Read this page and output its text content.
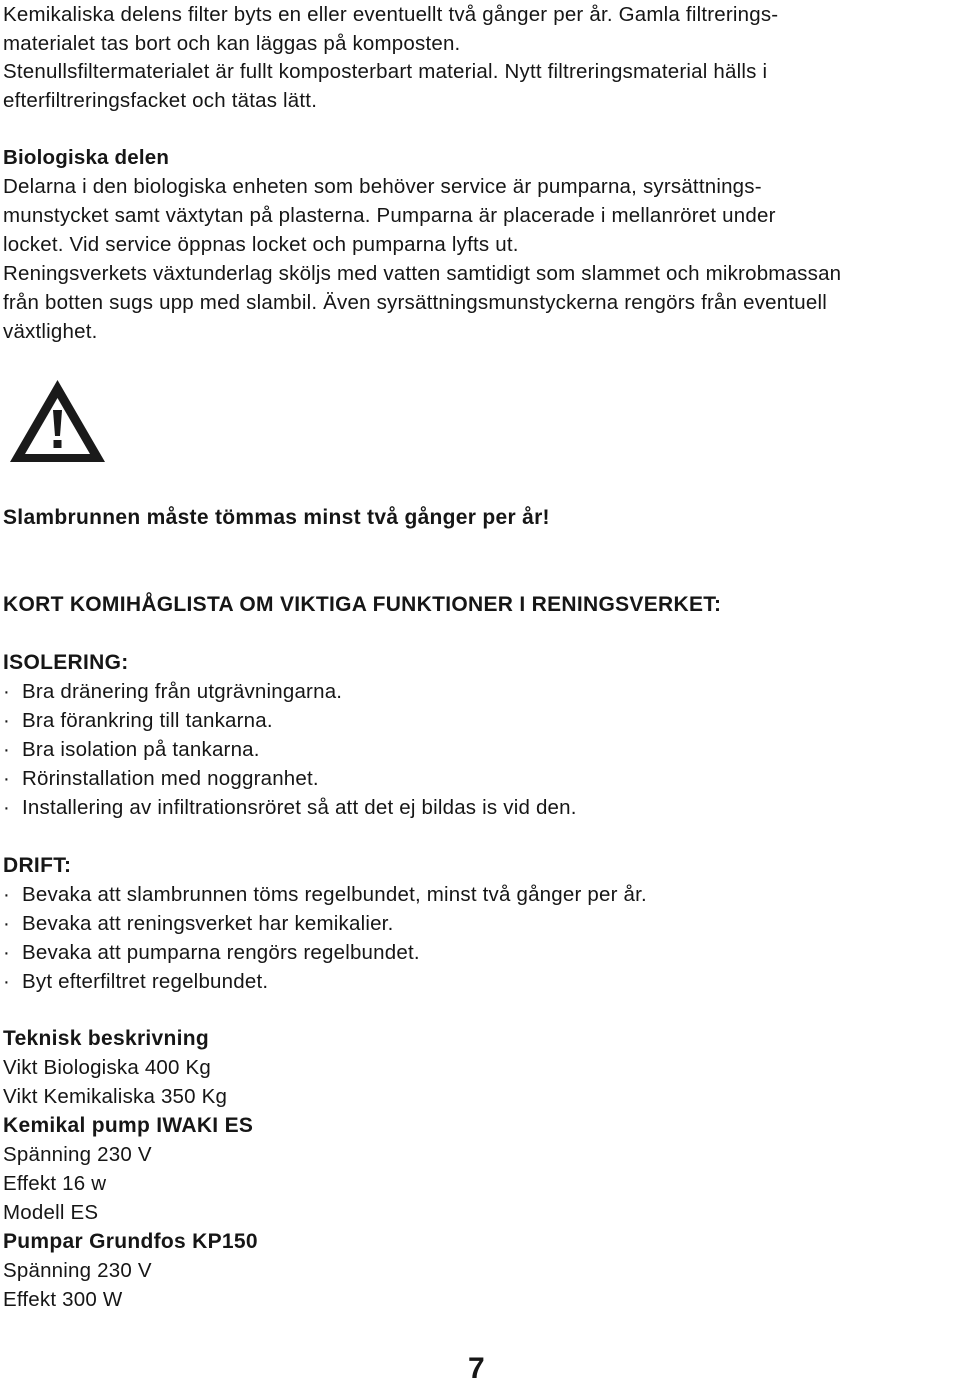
Kemikaliska delens filter byts en eller eventuellt två gånger per år. Gamla filtrerings-
materialet tas bort och kan läggas på komposten.
Stenullsfiltermaterialet är fullt komposterbart material. Nytt filtreringsmaterial hälls i
efterfiltreringsfacket och tätas lätt.
Biologiska delen
Delarna i den biologiska enheten som behöver service är pumparna, syrsättnings-
munstycket samt växtytan på plasterna. Pumparna är placerade i mellanröret under
locket. Vid service öppnas locket och pumparna lyfts ut.
Reningsverkets växtunderlag sköljs med vatten samtidigt som slammet och mikrobmassan
från botten sugs upp med slambil. Även syrsättningsmunstyckerna rengörs från eventuell
växtlighet.
Slambrunnen måste tömmas minst två gånger per år!
KORT KOMIHÅGLISTA OM VIKTIGA FUNKTIONER I RENINGSVERKET:
ISOLERING:
· Bra dränering från utgrävningarna.
· Bra förankring till tankarna.
· Bra isolation på tankarna.
· Rörinstallation med noggranhet.
· Installering av infiltrationsröret så att det ej bildas is vid den.
DRIFT:
· Bevaka att slambrunnen töms regelbundet, minst två gånger per år.
· Bevaka att reningsverket har kemikalier.
· Bevaka att pumparna rengörs regelbundet.
· Byt efterfiltret regelbundet.
Teknisk beskrivning
Vikt Biologiska 400 Kg
Vikt Kemikaliska 350 Kg
Kemikal pump IWAKI ES
Spänning 230 V
Effekt 16 w
Modell ES
Pumpar Grundfos KP150
Spänning 230 V
Effekt 300 W
7
